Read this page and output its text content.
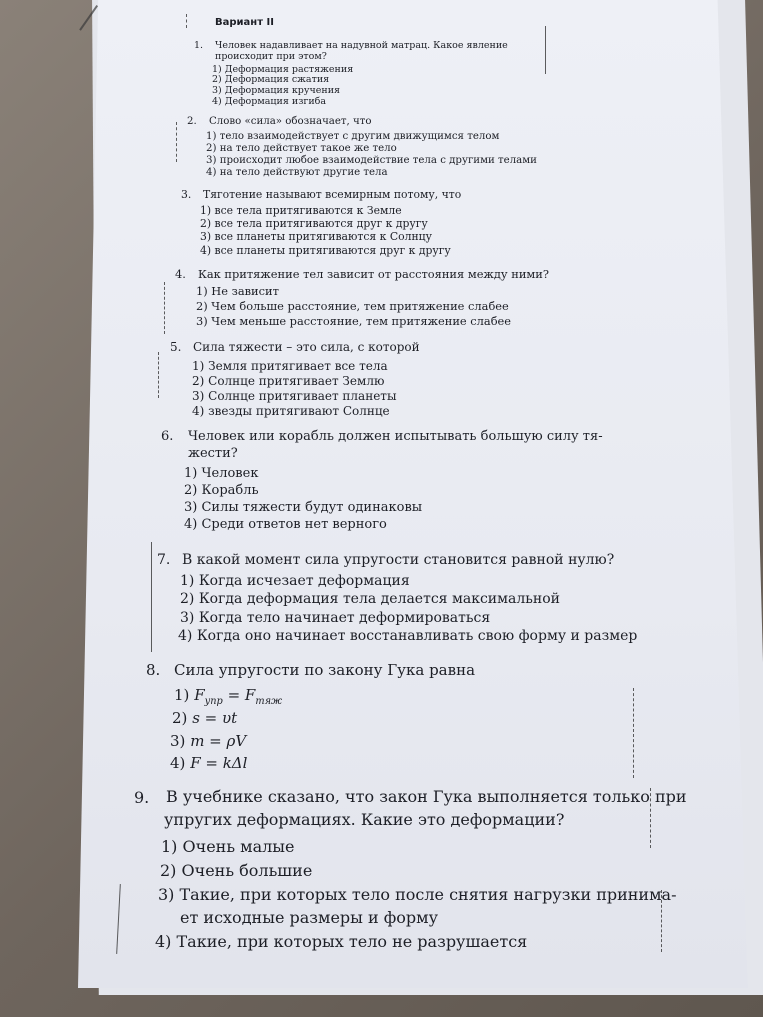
Вариант II
1. Человек надавливает на надувной матрац. Какое явление
происходит при этом?
1) Деформация растяжения
2) Деформация сжатия
3) Деформация кручения
4) Деформация изгиба
2. Слово «сила» обозначает, что
1) тело взаимодействует с другим движущимся телом
2) на тело действует такое же тело
3) происходит любое взаимодействие тела с другими телами
4) на тело действуют другие тела
3. Тяготение называют всемирным потому, что
1) все тела притягиваются к Земле
2) все тела притягиваются друг к другу
3) все планеты притягиваются к Солнцу
4) все планеты притягиваются друг к другу
4. Как притяжение тел зависит от расстояния между ними?
1) Не зависит
2) Чем больше расстояние, тем притяжение слабее
3) Чем меньше расстояние, тем притяжение слабее
5. Сила тяжести – это сила, с которой
1) Земля притягивает все тела
2) Солнце притягивает Землю
3) Солнце притягивает планеты
4) звезды притягивают Солнце
6. Человек или корабль должен испытывать большую силу тя-
жести?
1) Человек
2) Корабль
3) Силы тяжести будут одинаковы
4) Среди ответов нет верного
7. В какой момент сила упругости становится равной нулю?
1) Когда исчезает деформация
2) Когда деформация тела делается максимальной
3) Когда тело начинает деформироваться
4) Когда оно начинает восстанавливать свою форму и размер
8. Сила упругости по закону Гука равна
1) $F_{упр} = F_{тяж}$
2) s = υt
3) m = ρV
4) F = kΔl
9. В учебнике сказано, что закон Гука выполняется только при
упругих деформациях. Какие это деформации?
1) Очень малые
2) Очень большие
3) Такие, при которых тело после снятия нагрузки принима-
ет исходные размеры и форму
4) Такие, при которых тело не разрушается
